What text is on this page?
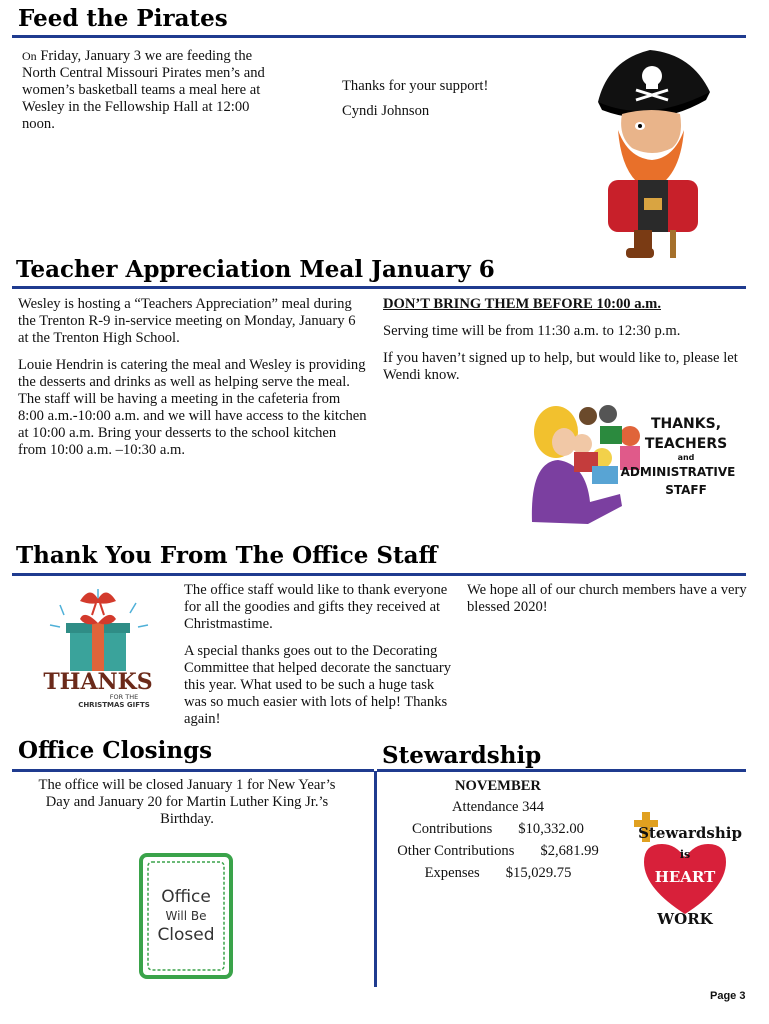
Feed the Pirates
On Friday, January 3 we are feeding the North Central Missouri Pirates men’s and women’s basketball teams a meal here at Wesley in the Fellowship Hall at 12:00 noon.
Thanks for your support!
Cyndi Johnson
Teacher Appreciation Meal January 6

Wesley is hosting a “Teachers Appreciation” meal during the Trenton R-9 in-service meeting on Monday, January 6 at the Trenton High School.

Louie Hendrin is catering the meal and Wesley is providing the desserts and drinks as well as helping serve the meal. The staff will be having a meeting in the cafeteria from 8:00 a.m.-10:00 a.m. and we will have access to the kitchen at 10:00 a.m. Bring your desserts to the school kitchen from 10:00 a.m. –10:30 a.m.

DON’T BRING THEM BEFORE 10:00 a.m.

Serving time will be from 11:30 a.m. to 12:30 p.m.

If you haven’t signed up to help, but would like to, please let Wendi know.

THANKS,
TEACHERS
and
ADMINISTRATIVE
STAFF
Thank You From The Office Staff
THANKS
FOR THE
CHRISTMAS GIFTS

The office staff would like to thank everyone for all the goodies and gifts they received at Christmastime.

A special thanks goes out to the Decorating Committee that helped decorate the sanctuary this year. What used to be such a huge task was so much easier with lots of help! Thanks again!

We hope all of our church members have a very blessed 2020!

Office Closings
The office will be closed January 1 for New Year’s Day and January 20 for Martin Luther King Jr.’s Birthday.
Office
Will Be
Closed
Stewardship
NOVEMBER
Attendance 344
Contributions $10,332.00
Other Contributions $2,681.99
Expenses $15,029.75
Stewardship
is
HEART
WORK
Page 3
